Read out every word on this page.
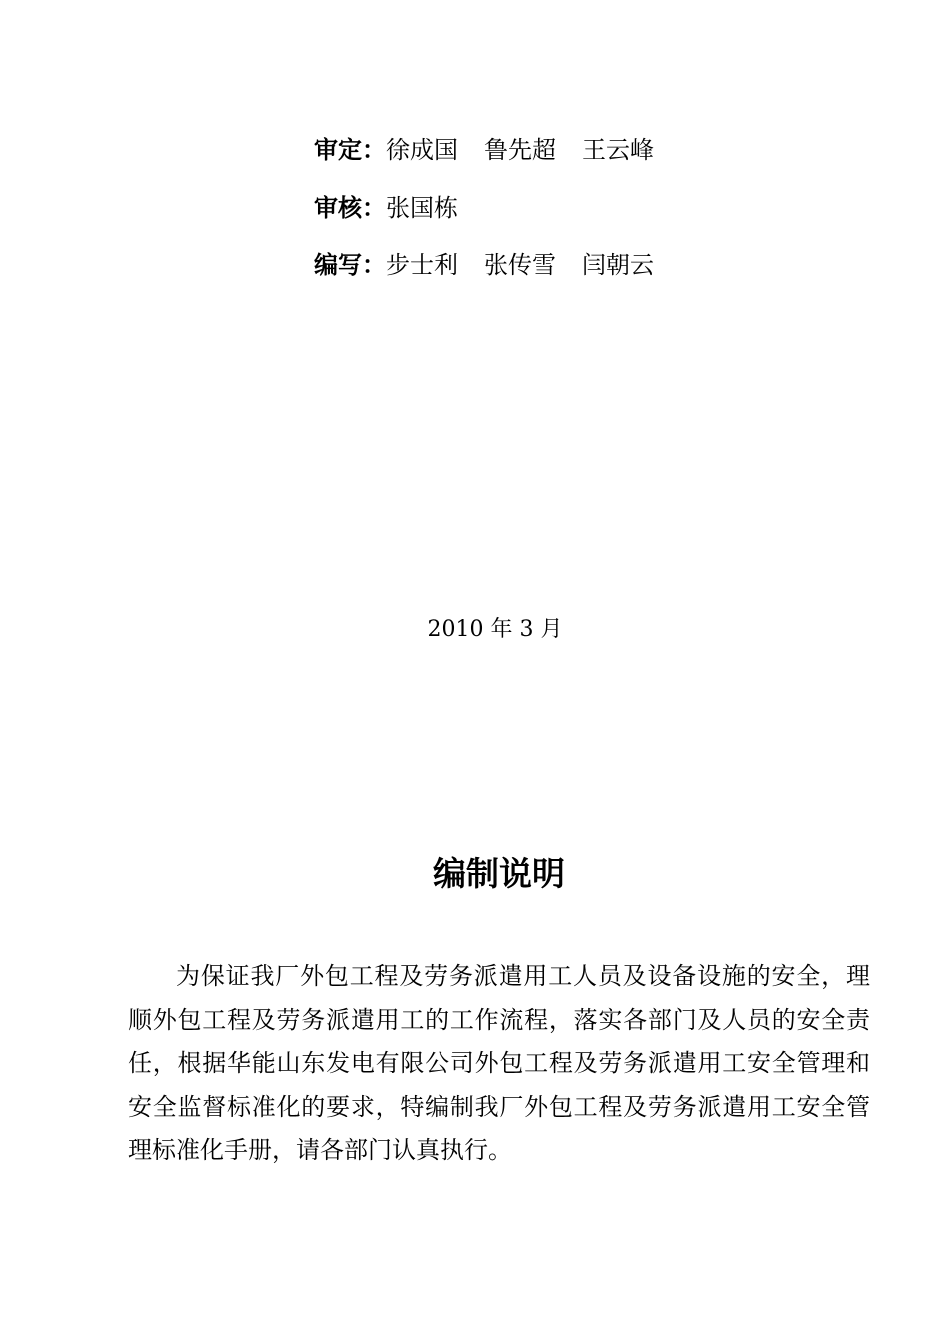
审定：徐成国 鲁先超 王云峰
审核：张国栋
编写：步士利 张传雪 闫朝云
2010 年 3 月
编制说明

为保证我厂外包工程及劳务派遣用工人员及设备设施的安全，理顺外包工程及劳务派遣用工的工作流程，落实各部门及人员的安全责任，根据华能山东发电有限公司外包工程及劳务派遣用工安全管理和安全监督标准化的要求，特编制我厂外包工程及劳务派遣用工安全管理标准化手册，请各部门认真执行。
